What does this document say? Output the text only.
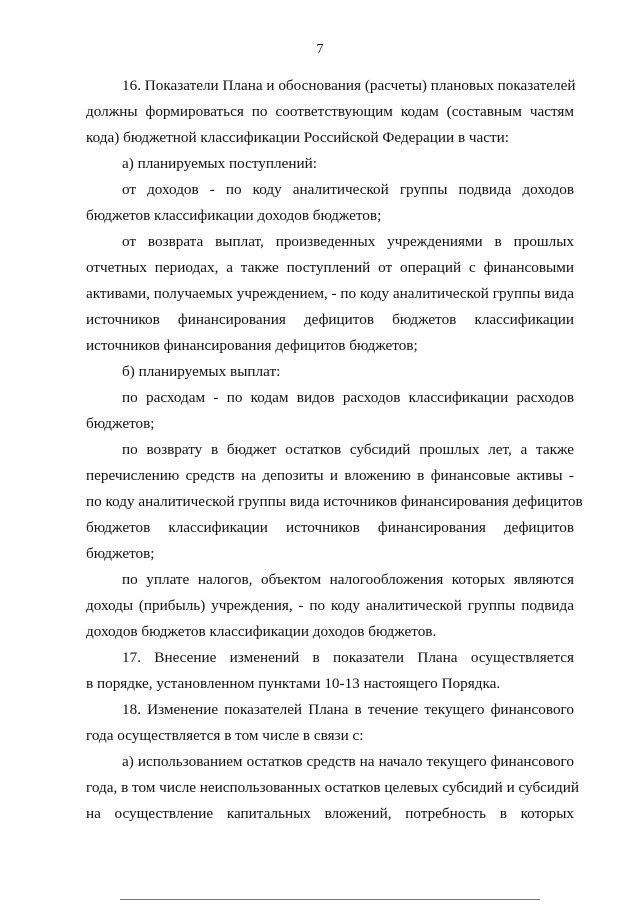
7
16. Показатели Плана и обоснования (расчеты) плановых показателей
должны формироваться по соответствующим кодам (составным частям
кода) бюджетной классификации Российской Федерации в части:
а) планируемых поступлений:
от доходов - по коду аналитической группы подвида доходов
бюджетов классификации доходов бюджетов;
от возврата выплат, произведенных учреждениями в прошлых
отчетных периодах, а также поступлений от операций с финансовыми
активами, получаемых учреждением, - по коду аналитической группы вида
источников финансирования дефицитов бюджетов классификации
источников финансирования дефицитов бюджетов;
б) планируемых выплат:
по расходам - по кодам видов расходов классификации расходов
бюджетов;
по возврату в бюджет остатков субсидий прошлых лет, а также
перечислению средств на депозиты и вложению в финансовые активы -
по коду аналитической группы вида источников финансирования дефицитов
бюджетов классификации источников финансирования дефицитов
бюджетов;
по уплате налогов, объектом налогообложения которых являются
доходы (прибыль) учреждения, - по коду аналитической группы подвида
доходов бюджетов классификации доходов бюджетов.
17. Внесение изменений в показатели Плана осуществляется
в порядке, установленном пунктами 10-13 настоящего Порядка.
18. Изменение показателей Плана в течение текущего финансового
года осуществляется в том числе в связи с:
а) использованием остатков средств на начало текущего финансового
года, в том числе неиспользованных остатков целевых субсидий и субсидий
на осуществление капитальных вложений, потребность в которых
